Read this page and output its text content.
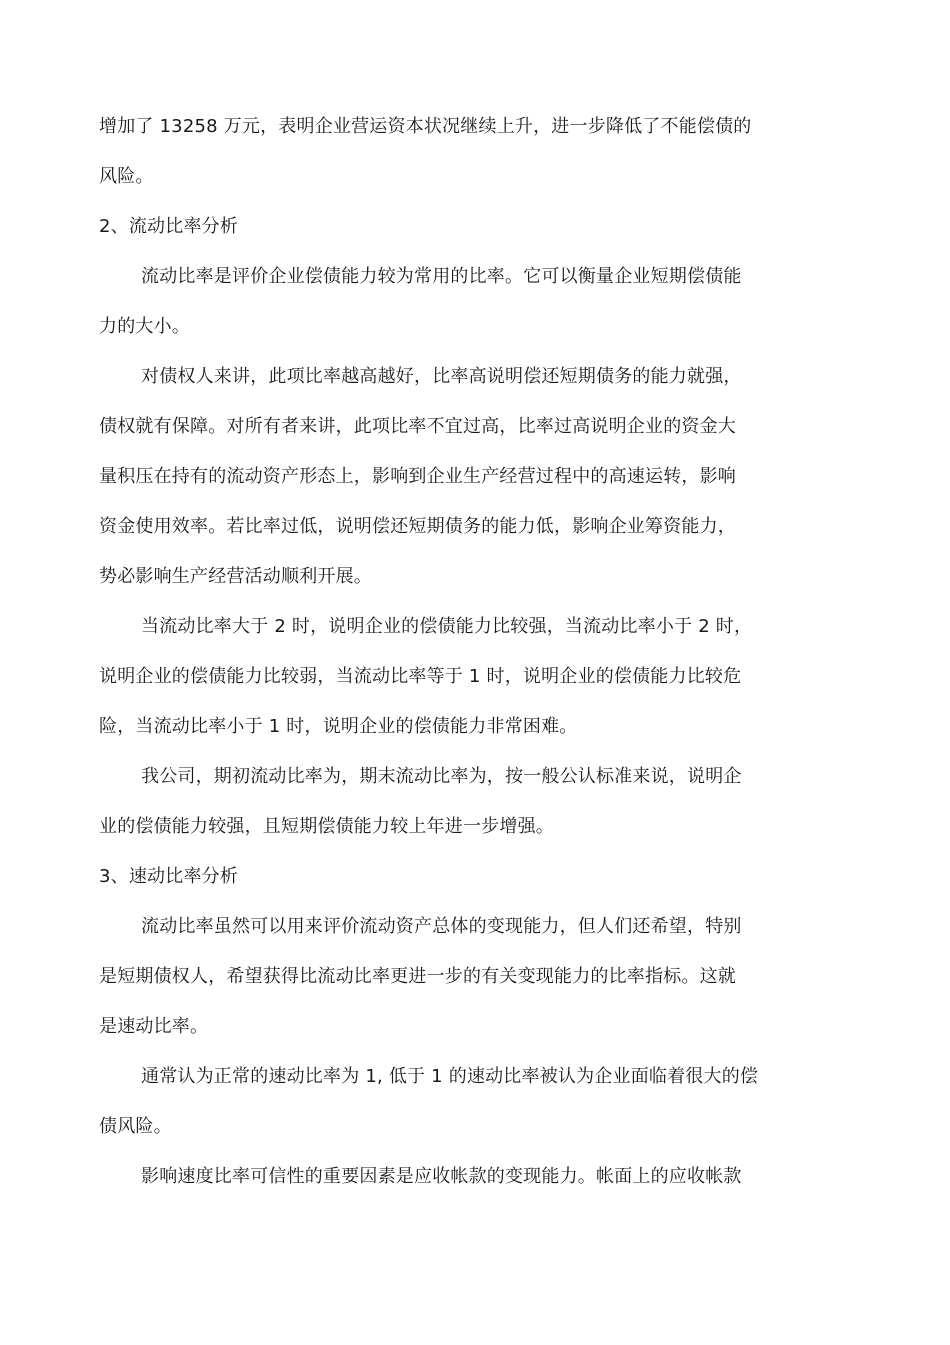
增加了 13258 万元，表明企业营运资本状况继续上升，进一步降低了不能偿债的
风险。
2、流动比率分析
流动比率是评价企业偿债能力较为常用的比率。它可以衡量企业短期偿债能
力的大小。
对债权人来讲，此项比率越高越好，比率高说明偿还短期债务的能力就强，
债权就有保障。对所有者来讲，此项比率不宜过高，比率过高说明企业的资金大
量积压在持有的流动资产形态上，影响到企业生产经营过程中的高速运转，影响
资金使用效率。若比率过低，说明偿还短期债务的能力低，影响企业筹资能力，
势必影响生产经营活动顺利开展。
当流动比率大于 2 时，说明企业的偿债能力比较强，当流动比率小于 2 时，
说明企业的偿债能力比较弱，当流动比率等于 1 时，说明企业的偿债能力比较危
险，当流动比率小于 1 时，说明企业的偿债能力非常困难。
我公司，期初流动比率为，期末流动比率为，按一般公认标准来说，说明企
业的偿债能力较强，且短期偿债能力较上年进一步增强。
3、速动比率分析
流动比率虽然可以用来评价流动资产总体的变现能力，但人们还希望，特别
是短期债权人，希望获得比流动比率更进一步的有关变现能力的比率指标。这就
是速动比率。
通常认为正常的速动比率为 1, 低于 1 的速动比率被认为企业面临着很大的偿
债风险。
影响速度比率可信性的重要因素是应收帐款的变现能力。帐面上的应收帐款
